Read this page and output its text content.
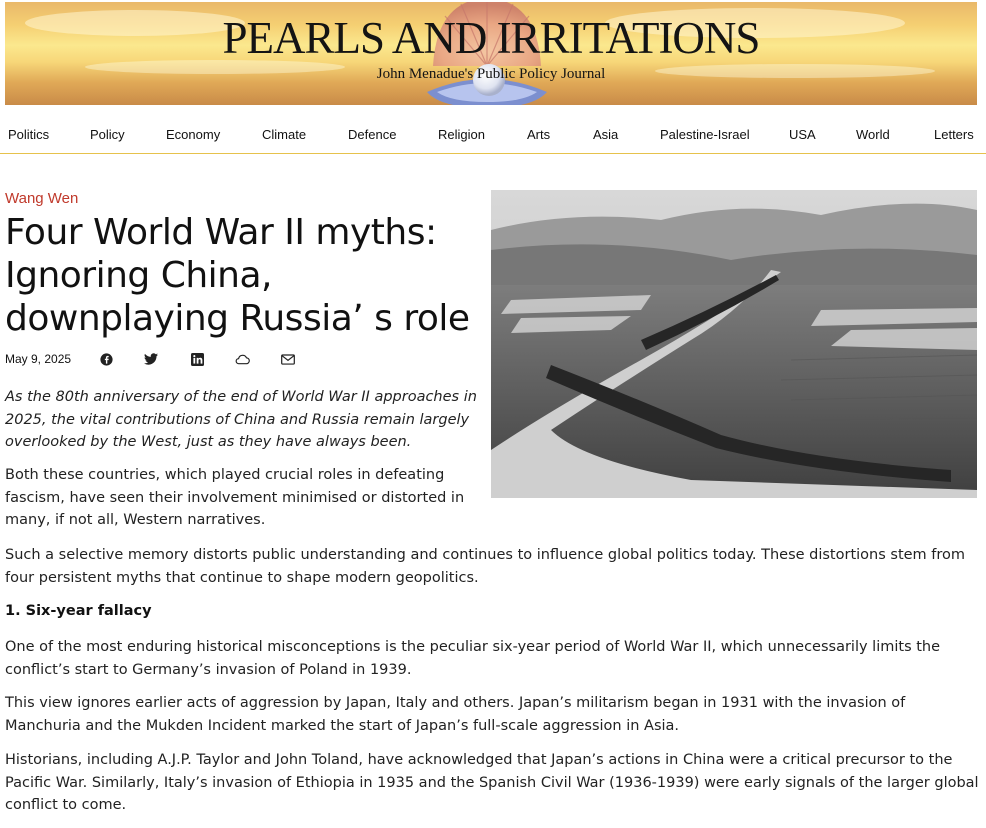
PEARLS AND IRRITATIONS
John Menadue's Public Policy Journal
Politics	Policy	Economy	Climate	Defence	Religion	Arts	Asia	Palestine-Israel	USA	World	Letters
Wang Wen
Four World War II myths: Ignoring China, downplaying Russia’ s role
May 9, 2025

As the 80th anniversary of the end of World War II approaches in 2025, the vital contributions of China and Russia remain largely overlooked by the West, just as they have always been.

Both these countries, which played crucial roles in defeating fascism, have seen their involvement minimised or distorted in many, if not all, Western narratives.

Such a selective memory distorts public understanding and continues to influence global politics today. These distortions stem from four persistent myths that continue to shape modern geopolitics.

1. Six-year fallacy

One of the most enduring historical misconceptions is the peculiar six-year period of World War II, which unnecessarily limits the conflict’s start to Germany’s invasion of Poland in 1939.

This view ignores earlier acts of aggression by Japan, Italy and others. Japan’s militarism began in 1931 with the invasion of Manchuria and the Mukden Incident marked the start of Japan’s full-scale aggression in Asia.

Historians, including A.J.P. Taylor and John Toland, have acknowledged that Japan’s actions in China were a critical precursor to the Pacific War. Similarly, Italy’s invasion of Ethiopia in 1935 and the Spanish Civil War (1936-1939) were early signals of the larger global conflict to come.
